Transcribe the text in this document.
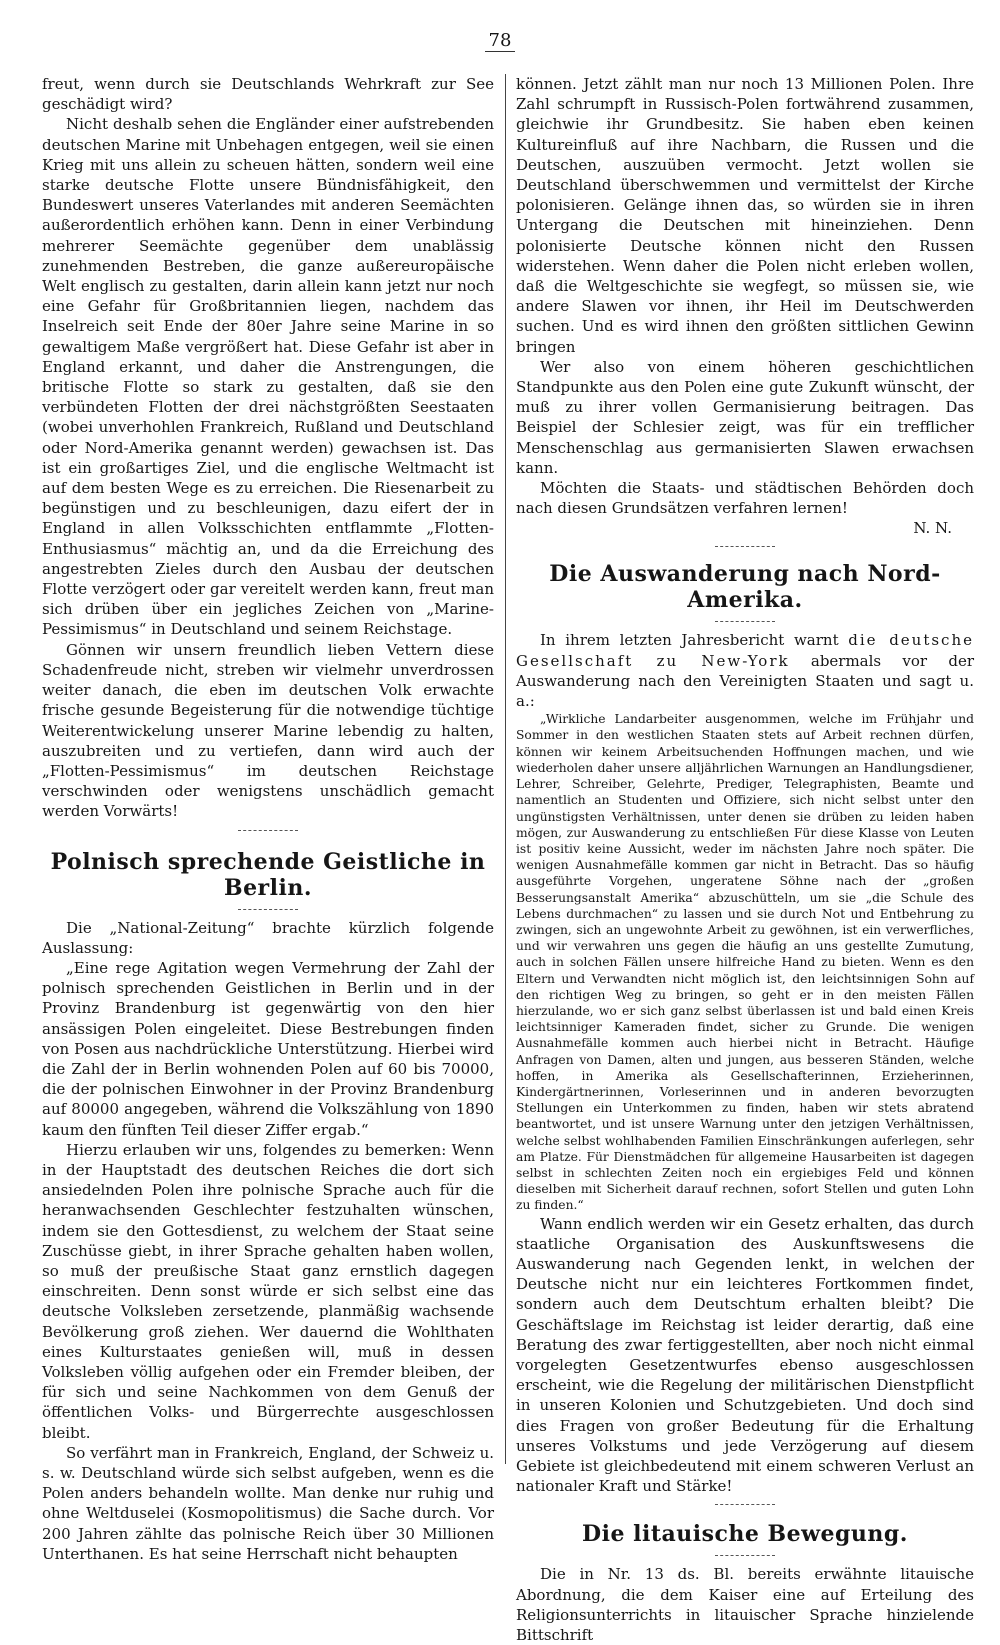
78

freut, wenn durch sie Deutschlands Wehrkraft zur See geschädigt wird?

Nicht deshalb sehen die Engländer einer aufstrebenden deutschen Marine mit Unbehagen entgegen, weil sie einen Krieg mit uns allein zu scheuen hätten, sondern weil eine starke deutsche Flotte unsere Bündnisfähigkeit, den Bundeswert unseres Vaterlandes mit anderen Seemächten außerordentlich erhöhen kann. Denn in einer Verbindung mehrerer Seemächte gegenüber dem unablässig zunehmenden Bestreben, die ganze außereuropäische Welt englisch zu gestalten, darin allein kann jetzt nur noch eine Gefahr für Großbritannien liegen, nachdem das Inselreich seit Ende der 80er Jahre seine Marine in so gewaltigem Maße vergrößert hat. Diese Gefahr ist aber in England erkannt, und daher die Anstrengungen, die britische Flotte so stark zu gestalten, daß sie den verbündeten Flotten der drei nächstgrößten Seestaaten (wobei unverhohlen Frankreich, Rußland und Deutschland oder Nord-Amerika genannt werden) gewachsen ist. Das ist ein großartiges Ziel, und die englische Weltmacht ist auf dem besten Wege es zu erreichen. Die Riesenarbeit zu begünstigen und zu beschleunigen, dazu eifert der in England in allen Volksschichten entflammte „Flotten-Enthusiasmus“ mächtig an, und da die Erreichung des angestrebten Zieles durch den Ausbau der deutschen Flotte verzögert oder gar vereitelt werden kann, freut man sich drüben über ein jegliches Zeichen von „Marine-Pessimismus“ in Deutschland und seinem Reichstage.

Gönnen wir unsern freundlich lieben Vettern diese Schadenfreude nicht, streben wir vielmehr unverdrossen weiter danach, die eben im deutschen Volk erwachte frische gesunde Begeisterung für die notwendige tüchtige Weiterentwickelung unserer Marine lebendig zu halten, auszubreiten und zu vertiefen, dann wird auch der „Flotten-Pessimismus“ im deutschen Reichstage verschwinden oder wenigstens unschädlich gemacht werden Vorwärts!

Polnisch sprechende Geistliche in Berlin.

Die „National-Zeitung“ brachte kürzlich folgende Auslassung:

„Eine rege Agitation wegen Vermehrung der Zahl der polnisch sprechenden Geistlichen in Berlin und in der Provinz Brandenburg ist gegenwärtig von den hier ansässigen Polen eingeleitet. Diese Bestrebungen finden von Posen aus nachdrückliche Unterstützung. Hierbei wird die Zahl der in Berlin wohnenden Polen auf 60 bis 70000, die der polnischen Einwohner in der Provinz Brandenburg auf 80000 angegeben, während die Volkszählung von 1890 kaum den fünften Teil dieser Ziffer ergab.“

Hierzu erlauben wir uns, folgendes zu bemerken: Wenn in der Hauptstadt des deutschen Reiches die dort sich ansiedelnden Polen ihre polnische Sprache auch für die heranwachsenden Geschlechter festzuhalten wünschen, indem sie den Gottesdienst, zu welchem der Staat seine Zuschüsse giebt, in ihrer Sprache gehalten haben wollen, so muß der preußische Staat ganz ernstlich dagegen einschreiten. Denn sonst würde er sich selbst eine das deutsche Volksleben zersetzende, planmäßig wachsende Bevölkerung groß ziehen. Wer dauernd die Wohlthaten eines Kulturstaates genießen will, muß in dessen Volksleben völlig aufgehen oder ein Fremder bleiben, der für sich und seine Nachkommen von dem Genuß der öffentlichen Volks- und Bürgerrechte ausgeschlossen bleibt.

So verfährt man in Frankreich, England, der Schweiz u. s. w. Deutschland würde sich selbst aufgeben, wenn es die Polen anders behandeln wollte. Man denke nur ruhig und ohne Weltduselei (Kosmopolitismus) die Sache durch. Vor 200 Jahren zählte das polnische Reich über 30 Millionen Unterthanen. Es hat seine Herrschaft nicht behaupten

können. Jetzt zählt man nur noch 13 Millionen Polen. Ihre Zahl schrumpft in Russisch-Polen fortwährend zusammen, gleichwie ihr Grundbesitz. Sie haben eben keinen Kultureinfluß auf ihre Nachbarn, die Russen und die Deutschen, auszuüben vermocht. Jetzt wollen sie Deutschland überschwemmen und vermittelst der Kirche polonisieren. Gelänge ihnen das, so würden sie in ihren Untergang die Deutschen mit hineinziehen. Denn polonisierte Deutsche können nicht den Russen widerstehen. Wenn daher die Polen nicht erleben wollen, daß die Weltgeschichte sie wegfegt, so müssen sie, wie andere Slawen vor ihnen, ihr Heil im Deutschwerden suchen. Und es wird ihnen den größten sittlichen Gewinn bringen

Wer also von einem höheren geschichtlichen Standpunkte aus den Polen eine gute Zukunft wünscht, der muß zu ihrer vollen Germanisierung beitragen. Das Beispiel der Schlesier zeigt, was für ein trefflicher Menschenschlag aus germanisierten Slawen erwachsen kann.

Möchten die Staats- und städtischen Behörden doch nach diesen Grundsätzen verfahren lernen!

N. N.
Die Auswanderung nach Nord-Amerika.

In ihrem letzten Jahresbericht warnt die deutsche Gesellschaft zu New-York abermals vor der Auswanderung nach den Vereinigten Staaten und sagt u. a.:

„Wirkliche Landarbeiter ausgenommen, welche im Frühjahr und Sommer in den westlichen Staaten stets auf Arbeit rechnen dürfen, können wir keinem Arbeitsuchenden Hoffnungen machen, und wie wiederholen daher unsere alljährlichen Warnungen an Handlungsdiener, Lehrer, Schreiber, Gelehrte, Prediger, Telegraphisten, Beamte und namentlich an Studenten und Offiziere, sich nicht selbst unter den ungünstigsten Verhältnissen, unter denen sie drüben zu leiden haben mögen, zur Auswanderung zu entschließen Für diese Klasse von Leuten ist positiv keine Aussicht, weder im nächsten Jahre noch später. Die wenigen Ausnahmefälle kommen gar nicht in Betracht. Das so häufig ausgeführte Vorgehen, ungeratene Söhne nach der „großen Besserungsanstalt Amerika“ abzuschütteln, um sie „die Schule des Lebens durchmachen“ zu lassen und sie durch Not und Entbehrung zu zwingen, sich an ungewohnte Arbeit zu gewöhnen, ist ein verwerfliches, und wir verwahren uns gegen die häufig an uns gestellte Zumutung, auch in solchen Fällen unsere hilfreiche Hand zu bieten. Wenn es den Eltern und Verwandten nicht möglich ist, den leichtsinnigen Sohn auf den richtigen Weg zu bringen, so geht er in den meisten Fällen hierzulande, wo er sich ganz selbst überlassen ist und bald einen Kreis leichtsinniger Kameraden findet, sicher zu Grunde. Die wenigen Ausnahmefälle kommen auch hierbei nicht in Betracht. Häufige Anfragen von Damen, alten und jungen, aus besseren Ständen, welche hoffen, in Amerika als Gesellschafterinnen, Erzieherinnen, Kindergärtnerinnen, Vorleserinnen und in anderen bevorzugten Stellungen ein Unterkommen zu finden, haben wir stets abratend beantwortet, und ist unsere Warnung unter den jetzigen Verhältnissen, welche selbst wohlhabenden Familien Einschränkungen auferlegen, sehr am Platze. Für Dienstmädchen für allgemeine Hausarbeiten ist dagegen selbst in schlechten Zeiten noch ein ergiebiges Feld und können dieselben mit Sicherheit darauf rechnen, sofort Stellen und guten Lohn zu finden.“

Wann endlich werden wir ein Gesetz erhalten, das durch staatliche Organisation des Auskunftswesens die Auswanderung nach Gegenden lenkt, in welchen der Deutsche nicht nur ein leichteres Fortkommen findet, sondern auch dem Deutschtum erhalten bleibt? Die Geschäftslage im Reichstag ist leider derartig, daß eine Beratung des zwar fertiggestellten, aber noch nicht einmal vorgelegten Gesetzentwurfes ebenso ausgeschlossen erscheint, wie die Regelung der militärischen Dienstpflicht in unseren Kolonien und Schutzgebieten. Und doch sind dies Fragen von großer Bedeutung für die Erhaltung unseres Volkstums und jede Verzögerung auf diesem Gebiete ist gleichbedeutend mit einem schweren Verlust an nationaler Kraft und Stärke!

Die litauische Bewegung.

Die in Nr. 13 ds. Bl. bereits erwähnte litauische Abordnung, die dem Kaiser eine auf Erteilung des Religionsunterrichts in litauischer Sprache hinzielende Bittschrift
